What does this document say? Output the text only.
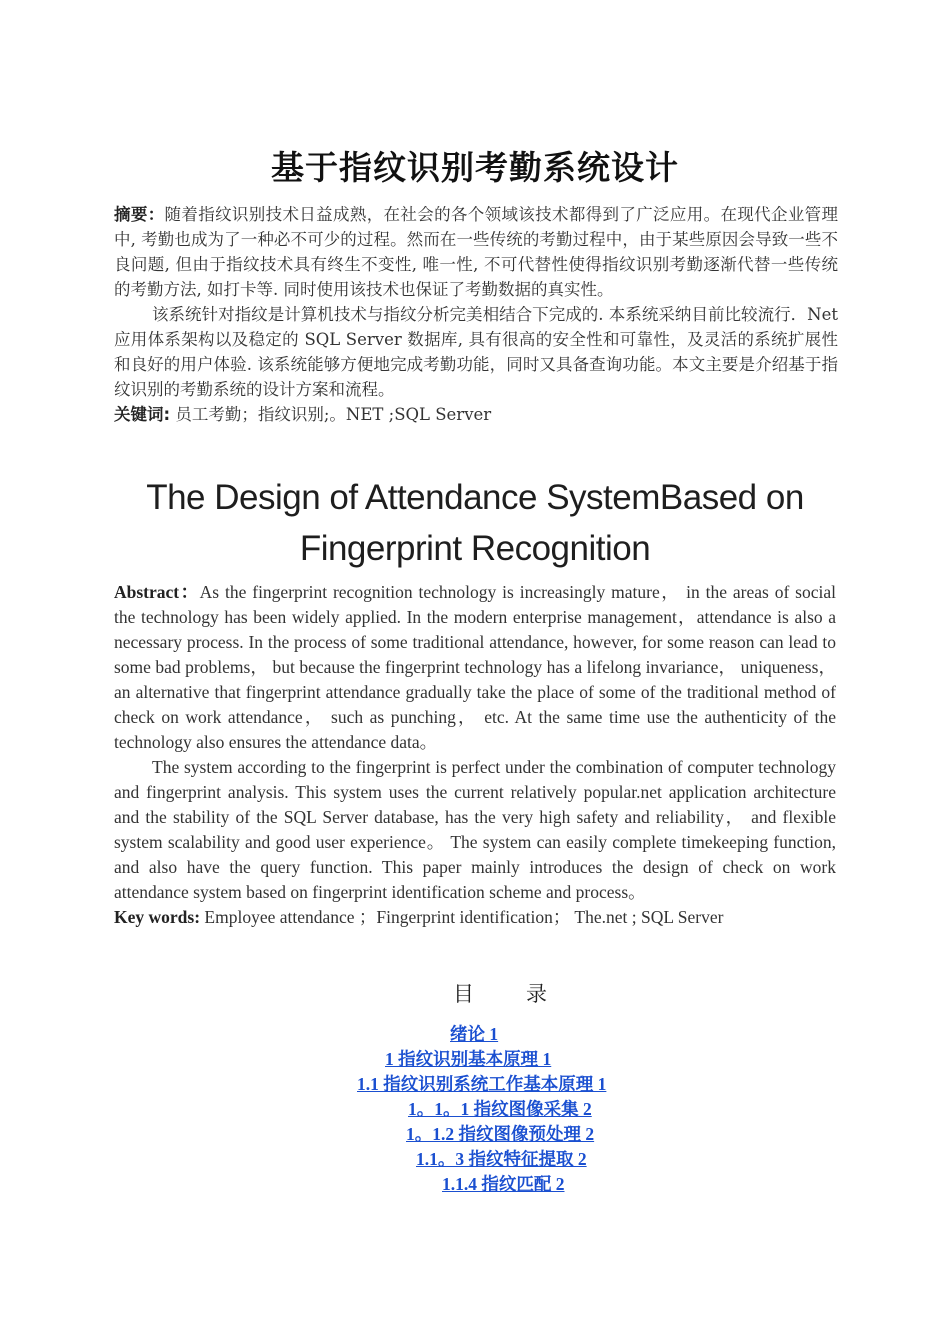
基于指纹识别考勤系统设计

摘要：随着指纹识别技术日益成熟，在社会的各个领域该技术都得到了广泛应用。在现代企业管理中, 考勤也成为了一种必不可少的过程。然而在一些传统的考勤过程中，由于某些原因会导致一些不良问题, 但由于指纹技术具有终生不变性, 唯一性, 不可代替性使得指纹识别考勤逐渐代替一些传统的考勤方法, 如打卡等. 同时使用该技术也保证了考勤数据的真实性。

该系统针对指纹是计算机技术与指纹分析完美相结合下完成的. 本系统采纳目前比较流行．Net 应用体系架构以及稳定的 SQL Server 数据库, 具有很高的安全性和可靠性，及灵活的系统扩展性和良好的用户体验. 该系统能够方便地完成考勤功能，同时又具备查询功能。本文主要是介绍基于指纹识别的考勤系统的设计方案和流程。

关键词: 员工考勤；指纹识别;。NET ;SQL Server

The Design of Attendance SystemBased on
Fingerprint Recognition

Abstract：As the fingerprint recognition technology is increasingly mature， in the areas of social the technology has been widely applied. In the modern enterprise management，attendance is also a necessary process. In the process of some traditional attendance, however, for some reason can lead to some bad problems， but because the fingerprint technology has a lifelong invariance， uniqueness， an alternative that fingerprint attendance gradually take the place of some of the traditional method of check on work attendance， such as punching， etc. At the same time use the authenticity of the technology also ensures the attendance data。

The system according to the fingerprint is perfect under the combination of computer technology and fingerprint analysis. This system uses the current relatively popular.net application architecture and the stability of the SQL Server database, has the very high safety and reliability， and flexible system scalability and good user experience。 The system can easily complete timekeeping function, and also have the query function. This paper mainly introduces the design of check on work attendance system based on fingerprint identification scheme and process。

Key words: Employee attendance ；Fingerprint identification； The.net ; SQL Server

目 录
绪论 1
1 指纹识别基本原理 1
1.1 指纹识别系统工作基本原理 1
1。1。1 指纹图像采集 2
1。1.2 指纹图像预处理 2
1.1。3 指纹特征提取 2
1.1.4 指纹匹配 2
